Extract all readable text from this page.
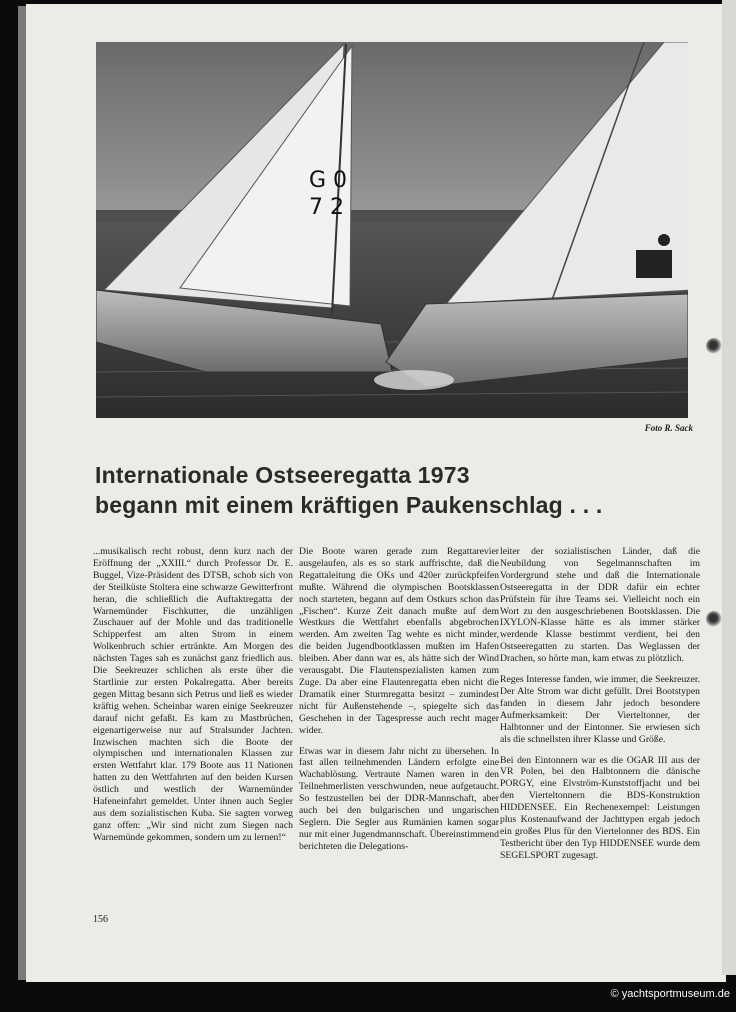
G 0
7 2
Foto R. Sack
Internationale Ostseeregatta 1973
begann mit einem kräftigen Paukenschlag . . .

...musikalisch recht robust, denn kurz nach der Eröffnung der „XXIII.“ durch Professor Dr. E. Buggel, Vize-Präsident des DTSB, schob sich von der Steilküste Stoltera eine schwarze Gewitterfront heran, die schließlich die Auftaktregatta der Warnemünder Fischkutter, die unzähligen Zuschauer auf der Mohle und das traditionelle Schipperfest am alten Strom in einem Wolkenbruch schier ertränkte. Am Morgen des nächsten Tages sah es zunächst ganz friedlich aus. Die Seekreuzer schlichen als erste über die Startlinie zur ersten Pokalregatta. Aber bereits gegen Mittag besann sich Petrus und ließ es wieder kräftig wehen. Scheinbar waren einige Seekreuzer darauf nicht gefaßt. Es kam zu Mastbrüchen, eigenartigerweise nur auf Stralsunder Jachten. Inzwischen machten sich die Boote der olympischen und internationalen Klassen zur ersten Wettfahrt klar. 179 Boote aus 11 Nationen hatten zu den Wettfahrten auf den beiden Kursen östlich und westlich der Warnemünder Hafeneinfahrt gemeldet. Unter ihnen auch Segler aus dem sozialistischen Kuba. Sie sagten vorweg ganz offen: „Wir sind nicht zum Siegen nach Warnemünde gekommen, sondern um zu lernen!“

Die Boote waren gerade zum Regattarevier ausgelaufen, als es so stark auffrischte, daß die Regattaleitung die OKs und 420er zurückpfeifen mußte. Während die olympischen Bootsklassen noch starteten, begann auf dem Ostkurs schon das „Fischen“. Kurze Zeit danach mußte auf dem Westkurs die Wettfahrt ebenfalls abgebrochen werden. Am zweiten Tag wehte es nicht minder, die beiden Jugendbootklassen mußten im Hafen bleiben. Aber dann war es, als hätte sich der Wind verausgabt. Die Flautenspezialisten kamen zum Zuge. Da aber eine Flautenregatta eben nicht die Dramatik einer Sturmregatta besitzt – zumindest nicht für Außenstehende –, spiegelte sich das Geschehen in der Tagespresse auch recht mager wider.

Etwas war in diesem Jahr nicht zu übersehen. In fast allen teilnehmenden Ländern erfolgte eine Wachablösung. Vertraute Namen waren in den Teilnehmerlisten verschwunden, neue aufgetaucht. So festzustellen bei der DDR-Mannschaft, aber auch bei den bulgarischen und ungarischen Seglern. Die Segler aus Rumänien kamen sogar nur mit einer Jugendmannschaft. Übereinstimmend berichteten die Delegations-

leiter der sozialistischen Länder, daß die Neubildung von Segelmannschaften im Vordergrund stehe und daß die Internationale Ostseeregatta in der DDR dafür ein echter Prüfstein für ihre Teams sei. Vielleicht noch ein Wort zu den ausgeschriebenen Bootsklassen. Die IXYLON-Klasse hätte es als immer stärker werdende Klasse bestimmt verdient, bei den Ostseeregatten zu starten. Das Weglassen der Drachen, so hörte man, kam etwas zu plötzlich.

Reges Interesse fanden, wie immer, die Seekreuzer. Der Alte Strom war dicht gefüllt. Drei Bootstypen fanden in diesem Jahr jedoch besondere Aufmerksamkeit: Der Vierteltonner, der Halbtonner und der Eintonner. Sie erwiesen sich als die schnellsten ihrer Klasse und Größe.

Bei den Eintonnern war es die OGAR III aus der VR Polen, bei den Halbtonnern die dänische PORGY, eine Elvström-Kunststoffjacht und bei den Vierteltonnern die BDS-Konstruktion HIDDENSEE. Ein Rechenexempel: Leistungen plus Kostenaufwand der Jachttypen ergab jedoch ein großes Plus für den Viertelonner des BDS. Ein Testbericht über den Typ HIDDENSEE wurde dem SEGELSPORT zugesagt.

156
© yachtsportmuseum.de
